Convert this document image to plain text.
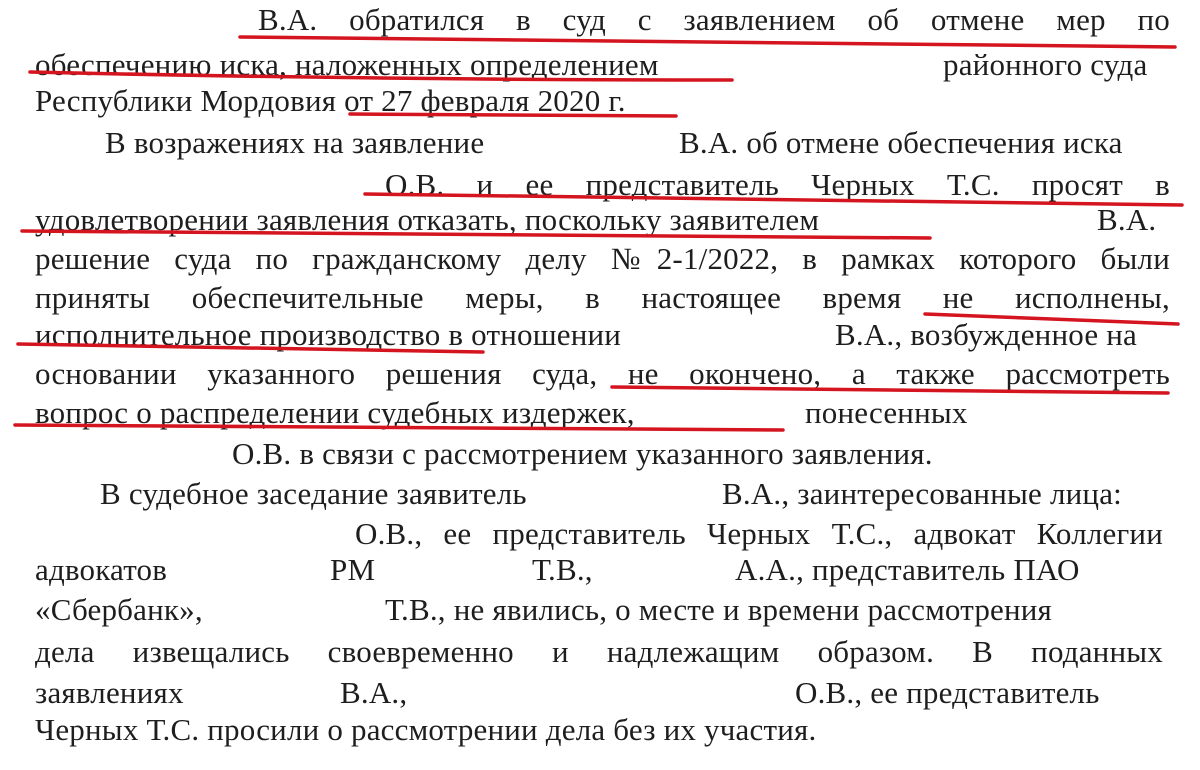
В.А. обратился в суд с заявлением об отмене мер по
обеспечению иска, наложенных определением	районного суда
Республики Мордовия от 27 февраля 2020 г.
В возражениях на заявление	В.А. об отмене обеспечения иска
О.В. и ее представитель Черных Т.С. просят в
удовлетворении заявления отказать, поскольку заявителем	В.А.
решение суда по гражданскому делу №2-1/2022, в рамках которого были
приняты обеспечительные меры, в настоящее время не исполнены,
исполнительное производство в отношении	В.А., возбужденное на
основании указанного решения суда, не окончено, а также рассмотреть
вопрос о распределении судебных издержек,	понесенных
О.В. в связи с рассмотрением указанного заявления.
В судебное заседание заявитель	В.А., заинтересованные лица:
О.В., ее представитель Черных Т.С., адвокат Коллегии
адвокатов	РМ	Т.В.,	А.А., представитель ПАО
«Сбербанк»,	Т.В., не явились, о месте и времени рассмотрения
дела извещались своевременно и надлежащим образом. В поданных
заявлениях	В.А.,	О.В., ее представитель
Черных Т.С. просили о рассмотрении дела без их участия.
